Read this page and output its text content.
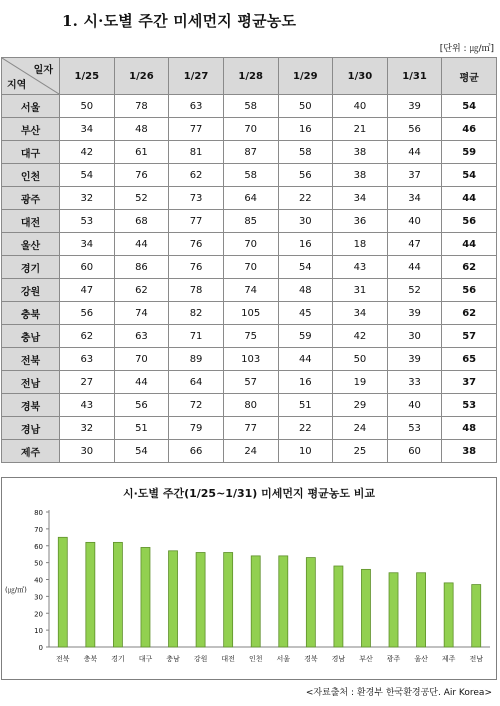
1. 시·도별 주간 미세먼지 평균농도
[단위 : ㎍/㎥]
일자
지역	1/25	1/26	1/27	1/28	1/29	1/30	1/31	평균
서울	50	78	63	58	50	40	39	54
부산	34	48	77	70	16	21	56	46
대구	42	61	81	87	58	38	44	59
인천	54	76	62	58	56	38	37	54
광주	32	52	73	64	22	34	34	44
대전	53	68	77	85	30	36	40	56
울산	34	44	76	70	16	18	47	44
경기	60	86	76	70	54	43	44	62
강원	47	62	78	74	48	31	52	56
충북	56	74	82	105	45	34	39	62
충남	62	63	71	75	59	42	30	57
전북	63	70	89	103	44	50	39	65
전남	27	44	64	57	16	19	33	37
경북	43	56	72	80	51	29	40	53
경남	32	51	79	77	22	24	53	48
제주	30	54	66	24	10	25	60	38
시·도별 주간(1/25~1/31) 미세먼지 평균농도 비교
(㎍/㎥)
0
10
20
30
40
50
60
70
80
전북 충북 경기 대구 충남 강원 대전 인천 서울 경북 경남 부산 광주 울산 제주 전남
<자료출처 : 환경부 한국환경공단. Air Korea>
